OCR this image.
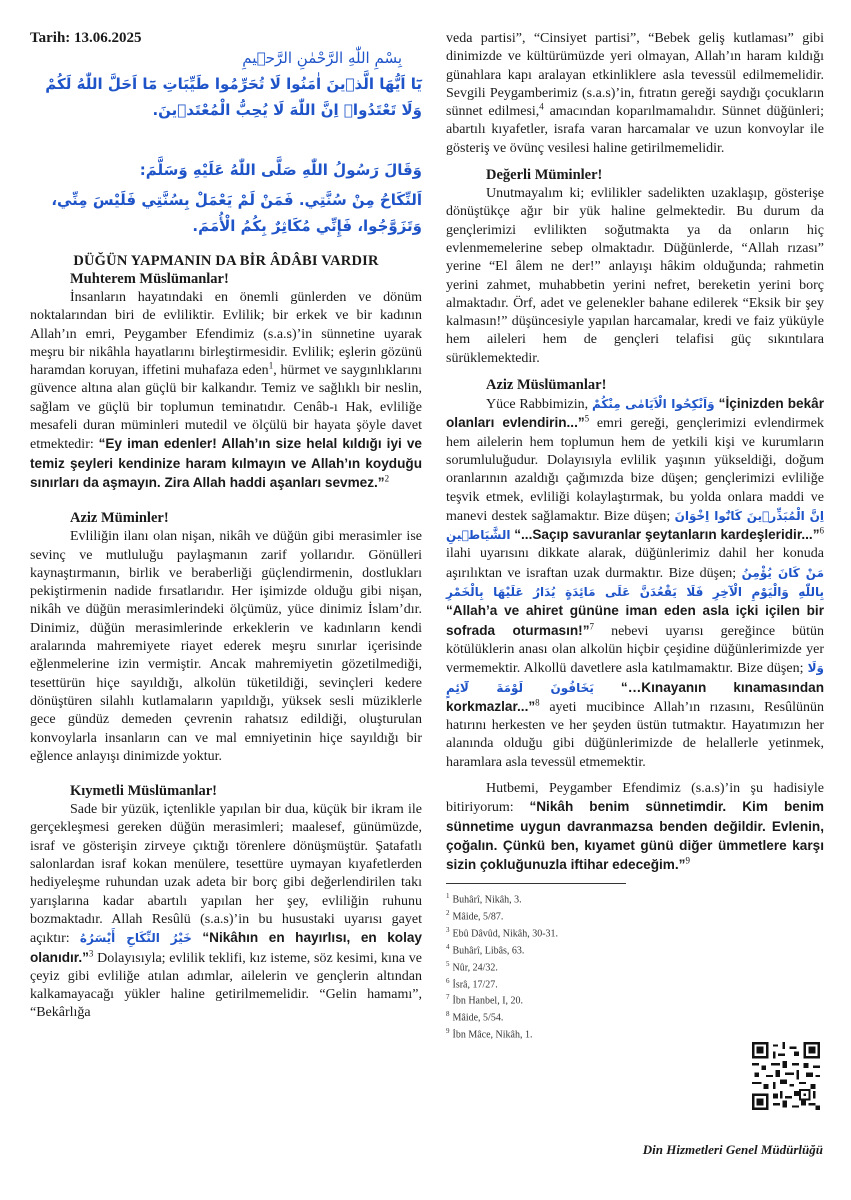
Tarih: 13.06.2025
بِسْمِ اللّٰهِ الرَّحْمٰنِ الرَّح۪يمِ
يَٓا اَيُّهَا الَّذ۪ينَ اٰمَنُوا لَا تُحَرِّمُوا طَيِّبَاتِ مَٓا اَحَلَّ اللّٰهُ لَكُمْ وَلَا تَعْتَدُواۜ اِنَّ اللّٰهَ لَا يُحِبُّ الْمُعْتَد۪ينَ.
وَقَالَ رَسُولُ اللّٰهِ صَلَّى اللّٰهُ عَلَيْهِ وَسَلَّمَ:
اَلنِّكَاحُ مِنْ سُنَّتِي. فَمَنْ لَمْ يَعْمَلْ بِسُنَّتِي فَلَيْسَ مِنِّي، وَتَزَوَّجُوا، فَإِنِّي مُكَاثِرٌ بِكُمُ الْأُمَمَ.
DÜĞÜN YAPMANIN DA BİR ÂDÂBI VARDIR
Muhterem Müslümanlar!
İnsanların hayatındaki en önemli günlerden ve dönüm noktalarından biri de evliliktir. Evlilik; bir erkek ve bir kadının Allah’ın emri, Peygamber Efendimiz (s.a.s)’in sünnetine uyarak meşru bir nikâhla hayatlarını birleştirmesidir. Evlilik; eşlerin gözünü haramdan koruyan, iffetini muhafaza eden$^1$, hürmet ve saygınlıklarını güvence altına alan güçlü bir kalkandır. Temiz ve sağlıklı bir neslin, sağlam ve güçlü bir toplumun teminatıdır. Cenâb-ı Hak, evliliğe mesafeli duran müminleri mutedil ve ölçülü bir hayata şöyle davet etmektedir: “Ey iman edenler! Allah’ın size helal kıldığı iyi ve temiz şeyleri kendinize haram kılmayın ve Allah’ın koyduğu sınırları da aşmayın. Zira Allah haddi aşanları sevmez.”$^2$
Aziz Müminler!
Evliliğin ilanı olan nişan, nikâh ve düğün gibi merasimler ise sevinç ve mutluluğu paylaşmanın zarif yollarıdır. Gönülleri kaynaştırmanın, birlik ve beraberliği güçlendirmenin, dostlukları pekiştirmenin nadide fırsatlarıdır. Her işimizde olduğu gibi nişan, nikâh ve düğün merasimlerindeki ölçümüz, yüce dinimiz İslam’dır. Dinimiz, düğün merasimlerinde erkeklerin ve kadınların kendi aralarında mahremiyete riayet ederek meşru sınırlar içerisinde eğlenmelerine izin vermiştir. Ancak mahremiyetin gözetilmediği, tesettürün hiçe sayıldığı, alkolün tüketildiği, sevinçleri kedere dönüştüren silahlı kutlamaların yapıldığı, yüksek sesli müziklerle gece gündüz demeden çevrenin rahatsız edildiği, oluşturulan konvoylarla insanların can ve mal emniyetinin hiçe sayıldığı bir eğlence anlayışı dinimizde yoktur.
Kıymetli Müslümanlar!
Sade bir yüzük, içtenlikle yapılan bir dua, küçük bir ikram ile gerçekleşmesi gereken düğün merasimleri; maalesef, günümüzde, israf ve gösterişin zirveye çıktığı törenlere dönüşmüştür. Şatafatlı salonlardan israf kokan menülere, tesettüre uymayan kıyafetlerden hediyeleşme ruhundan uzak adeta bir borç gibi değerlendirilen takı yarışlarına kadar abartılı yapılan her şey, evliliğin ruhunu bozmaktadır. Allah Resûlü (s.a.s)’in bu husustaki uyarısı gayet açıktır: خَيْرُ النِّكَاحِ أَيْسَرُهُ “Nikâhın en hayırlısı, en kolay olanıdır.”$^3$ Dolayısıyla; evlilik teklifi, kız isteme, söz kesimi, kına ve çeyiz gibi evliliğe atılan adımlar, ailelerin ve gençlerin altından kalkamayacağı yükler haline getirilmemelidir. “Gelin hamamı”, “Bekârlığa
veda partisi”, “Cinsiyet partisi”, “Bebek geliş kutlaması” gibi dinimizde ve kültürümüzde yeri olmayan, Allah’ın haram kıldığı günahlara kapı aralayan etkinliklere asla tevessül edilmemelidir. Sevgili Peygamberimiz (s.a.s)’in, fıtratın gereği saydığı çocukların sünnet edilmesi,$^4$ amacından koparılmamalıdır. Sünnet düğünleri; abartılı kıyafetler, israfa varan harcamalar ve uzun konvoylar ile gösteriş ve övünç vesilesi haline getirilmemelidir.
Değerli Müminler!
Unutmayalım ki; evlilikler sadelikten uzaklaşıp, gösterişe dönüştükçe ağır bir yük haline gelmektedir. Bu durum da gençlerimizi evlilikten soğutmakta ya da onların hiç evlenmemelerine sebep olmaktadır. Düğünlerde, “Allah rızası” yerine “El âlem ne der!” anlayışı hâkim olduğunda; rahmetin yerini zahmet, muhabbetin yerini nefret, bereketin yerini borç almaktadır. Örf, adet ve gelenekler bahane edilerek “Eksik bir şey kalmasın!” düşüncesiyle yapılan harcamalar, kredi ve faiz yüküyle hem aileleri hem de gençleri telafisi güç sıkıntılara sürüklemektedir.
Aziz Müslümanlar!
Yüce Rabbimizin, وَاَنْكِحُوا الْاَيَامٰى مِنْكُمْ “İçinizden bekâr olanları evlendirin...”$^5$ emri gereği, gençlerimizi evlendirmek hem ailelerin hem toplumun hem de yetkili kişi ve kurumların sorumluluğudur. Dolayısıyla evlilik yaşının yükseldiği, doğum oranlarının azaldığı çağımızda bize düşen; gençlerimizi evliliğe teşvik etmek, evliliği kolaylaştırmak, bu yolda onlara maddi ve manevi destek sağlamaktır. Bize düşen; اِنَّ الْمُبَذِّر۪ينَ كَانُٓوا اِخْوَانَ الشَّيَاط۪ينِ “...Saçıp savuranlar şeytanların kardeşleridir...”$^6$ ilahi uyarısını dikkate alarak, düğünlerimiz dahil her konuda aşırılıktan ve israftan uzak durmaktır. Bize düşen; مَنْ كَانَ يُؤْمِنُ بِاللّٰهِ وَالْيَوْمِ الْآخِرِ فَلَا يَقْعُدَنَّ عَلَى مَائِدَةٍ يُدَارُ عَلَيْهَا بِالْخَمْرِ “Allah’a ve ahiret gününe iman eden asla içki içilen bir sofrada oturmasın!”$^7$ nebevi uyarısı gereğince bütün kötülüklerin anası olan alkolün hiçbir çeşidine düğünlerimizde yer vermemektir. Alkollü davetlere asla katılmamaktır. Bize düşen; وَلَا يَخَافُونَ لَوْمَةَ لَٓائِمٍ “…Kınayanın kınamasından korkmazlar...”$^8$ ayeti mucibince Allah’ın rızasını, Resûlünün hatırını herkesten ve her şeyden üstün tutmaktır. Hayatımızın her alanında olduğu gibi düğünlerimizde de helallerle yetinmek, haramlara asla tevessül etmemektir.
Hutbemi, Peygamber Efendimiz (s.a.s)’in şu hadisiyle bitiriyorum: “Nikâh benim sünnetimdir. Kim benim sünnetime uygun davranmazsa benden değildir. Evlenin, çoğalın. Çünkü ben, kıyamet günü diğer ümmetlere karşı sizin çokluğunuzla iftihar edeceğim.”$^9$
$^1$ Buhârî, Nikâh, 3.
$^2$ Mâide, 5/87.
$^3$ Ebû Dâvûd, Nikâh, 30-31.
$^4$ Buhârî, Libâs, 63.
$^5$ Nûr, 24/32.
$^6$ İsrâ, 17/27.
$^7$ İbn Hanbel, I, 20.
$^8$ Mâide, 5/54.
$^9$ İbn Mâce, Nikâh, 1.
Din Hizmetleri Genel Müdürlüğü
